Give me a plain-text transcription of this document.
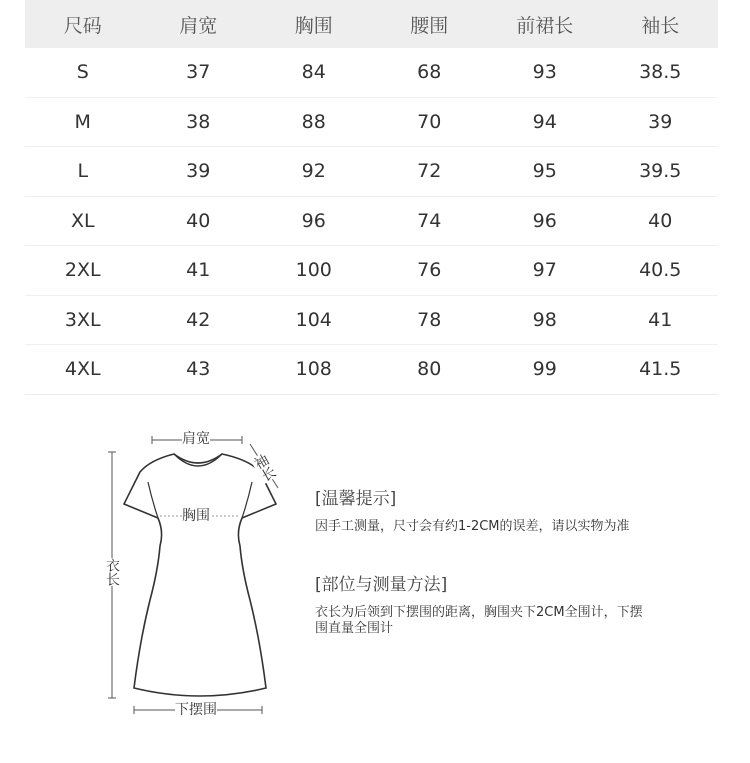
尺码	肩宽	胸围	腰围	前裙长	袖长
S	37	84	68	93	38.5
M	38	88	70	94	39
L	39	92	72	95	39.5
XL	40	96	74	96	40
2XL	41	100	76	97	40.5
3XL	42	104	78	98	41
4XL	43	108	80	99	41.5
肩宽
袖长
胸围
衣长
下摆围

[温馨提示]

因手工测量，尺寸会有约1-2CM的误差，请以实物为准

[部位与测量方法]

衣长为后领到下摆围的距离，胸围夹下2CM全围计，下摆围直量全围计
